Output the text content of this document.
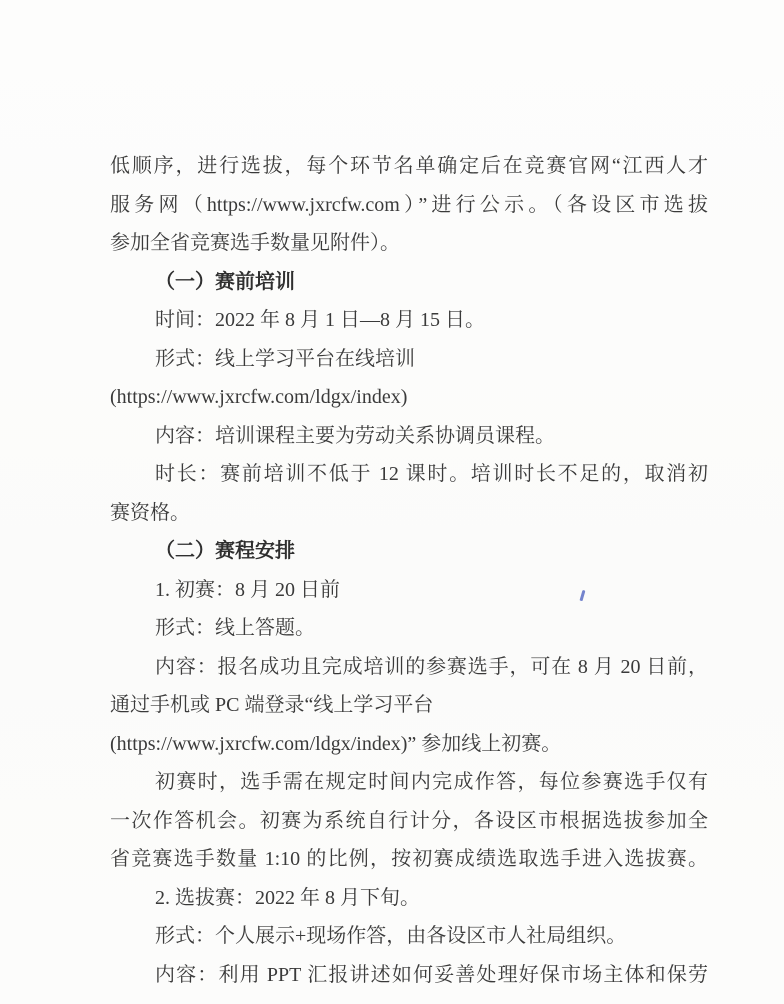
低顺序，进行选拔，每个环节名单确定后在竞赛官网“江西人才
服务网（https://www.jxrcfw.com）”进行公示。（各设区市选拔
参加全省竞赛选手数量见附件）。
（一）赛前培训
时间：2022 年 8 月 1 日—8 月 15 日。
形式：线上学习平台在线培训
(https://www.jxrcfw.com/ldgx/index)
内容：培训课程主要为劳动关系协调员课程。
时长：赛前培训不低于 12 课时。培训时长不足的，取消初
赛资格。
（二）赛程安排
1. 初赛：8 月 20 日前
形式：线上答题。
内容：报名成功且完成培训的参赛选手，可在 8 月 20 日前，
通过手机或 PC 端登录“线上学习平台
(https://www.jxrcfw.com/ldgx/index)” 参加线上初赛。
初赛时，选手需在规定时间内完成作答，每位参赛选手仅有
一次作答机会。初赛为系统自行计分，各设区市根据选拔参加全
省竞赛选手数量 1:10 的比例，按初赛成绩选取选手进入选拔赛。
2. 选拔赛：2022 年 8 月下旬。
形式：个人展示+现场作答，由各设区市人社局组织。
内容：利用 PPT 汇报讲述如何妥善处理好保市场主体和保劳
